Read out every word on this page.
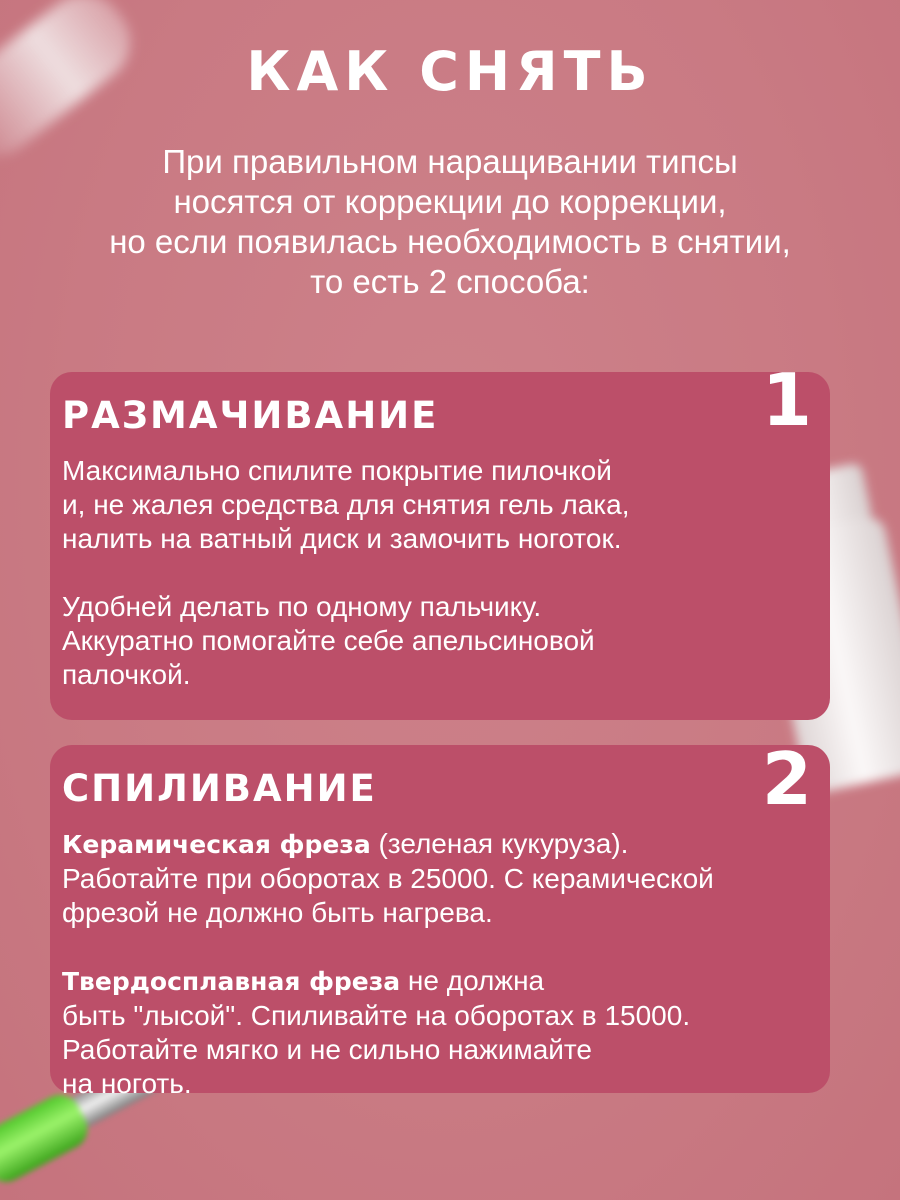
КАК СНЯТЬ

При правильном наращивании типсы
носятся от коррекции до коррекции,
но если появилась необходимость в снятии,
то есть 2 способа:

1
РАЗМАЧИВАНИЕ

Максимально спилите покрытие пилочкой
и, не жалея средства для снятия гель лака,
налить на ватный диск и замочить ноготок.

Удобней делать по одному пальчику.
Аккуратно помогайте себе апельсиновой
палочкой.

2
СПИЛИВАНИЕ

Керамическая фреза (зеленая кукуруза).
Работайте при оборотах в 25000. С керамической
фрезой не должно быть нагрева.

Твердосплавная фреза не должна
быть "лысой". Спиливайте на оборотах в 15000.
Работайте мягко и не сильно нажимайте
на ноготь.
